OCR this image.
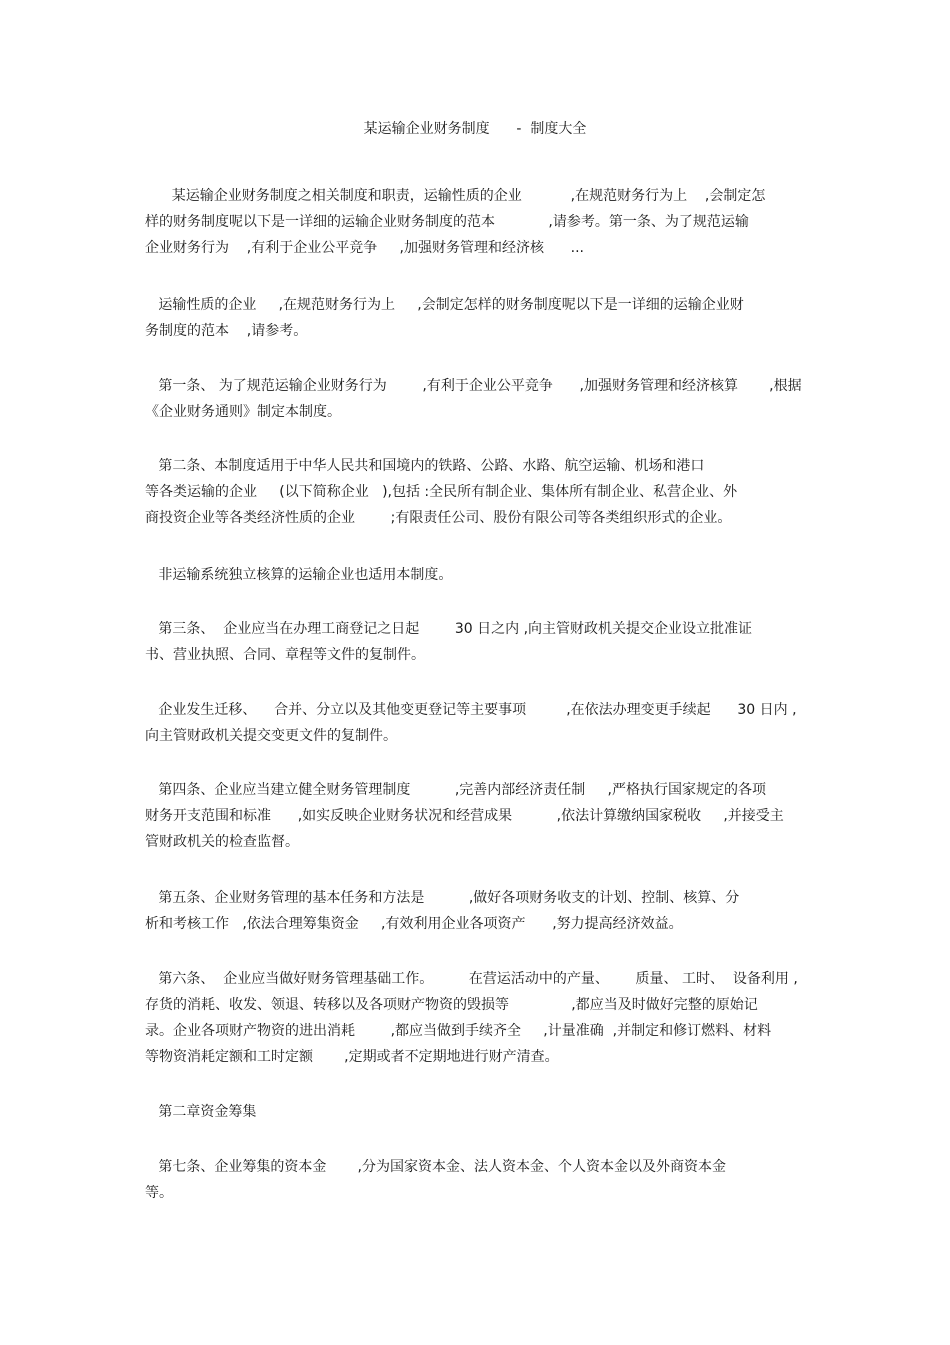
某运输企业财务制度      -  制度大全
某运输企业财务制度之相关制度和职责，运输性质的企业           ,在规范财务行为上    ,会制定怎
样的财务制度呢以下是一详细的运输企业财务制度的范本            ,请参考。第一条、为了规范运输
企业财务行为    ,有利于企业公平竞争     ,加强财务管理和经济核      ...
运输性质的企业     ,在规范财务行为上     ,会制定怎样的财务制度呢以下是一详细的运输企业财
务制度的范本    ,请参考。
第一条、 为了规范运输企业财务行为        ,有利于企业公平竞争      ,加强财务管理和经济核算       ,根据
《企业财务通则》制定本制度。
第二条、本制度适用于中华人民共和国境内的铁路、公路、水路、航空运输、机场和港口
等各类运输的企业     (以下简称企业   ),包括 :全民所有制企业、集体所有制企业、私营企业、外
商投资企业等各类经济性质的企业        ;有限责任公司、股份有限公司等各类组织形式的企业。
非运输系统独立核算的运输企业也适用本制度。
第三条、  企业应当在办理工商登记之日起        30 日之内 ,向主管财政机关提交企业设立批准证
书、营业执照、合同、章程等文件的复制件。
企业发生迁移、    合并、分立以及其他变更登记等主要事项         ,在依法办理变更手续起      30 日内 ,
向主管财政机关提交变更文件的复制件。
第四条、企业应当建立健全财务管理制度          ,完善内部经济责任制     ,严格执行国家规定的各项
财务开支范围和标准      ,如实反映企业财务状况和经营成果          ,依法计算缴纳国家税收     ,并接受主
管财政机关的检查监督。
第五条、企业财务管理的基本任务和方法是          ,做好各项财务收支的计划、控制、核算、分
析和考核工作   ,依法合理筹集资金     ,有效利用企业各项资产      ,努力提高经济效益。
第六条、  企业应当做好财务管理基础工作。        在营运活动中的产量、      质量、 工时、  设备利用 ,
存货的消耗、收发、领退、转移以及各项财产物资的毁损等              ,都应当及时做好完整的原始记
录。企业各项财产物资的进出消耗        ,都应当做到手续齐全     ,计量准确  ,并制定和修订燃料、材料
等物资消耗定额和工时定额       ,定期或者不定期地进行财产清查。
第二章资金筹集
第七条、企业筹集的资本金       ,分为国家资本金、法人资本金、个人资本金以及外商资本金
等。
